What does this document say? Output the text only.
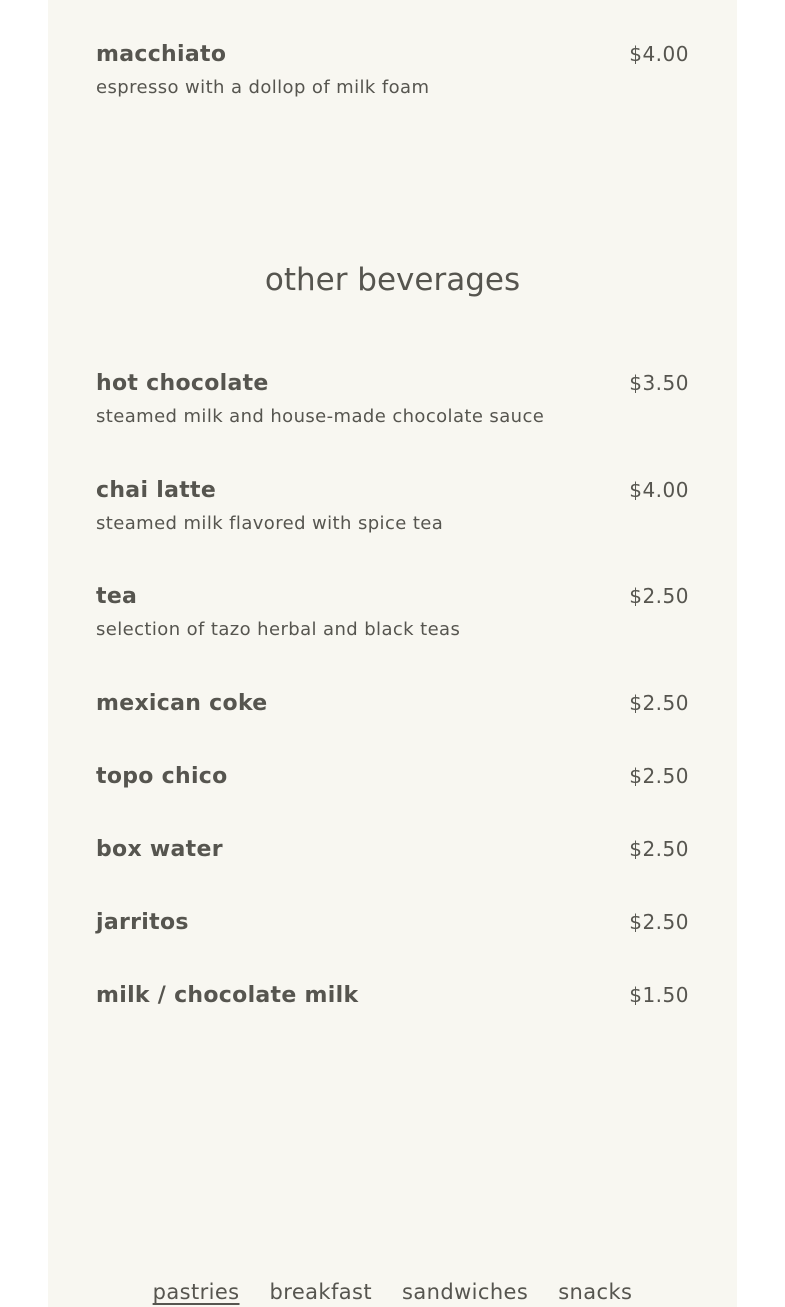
macchiato
espresso with a dollop of milk foam
$4.00
other beverages
hot chocolate
steamed milk and house-made chocolate sauce
$3.50
chai latte
steamed milk flavored with spice tea
$4.00
tea
selection of tazo herbal and black teas
$2.50
mexican coke	$2.50
topo chico	$2.50
box water	$2.50
jarritos	$2.50
milk / chocolate milk	$1.50
pastries breakfast sandwiches snacks
